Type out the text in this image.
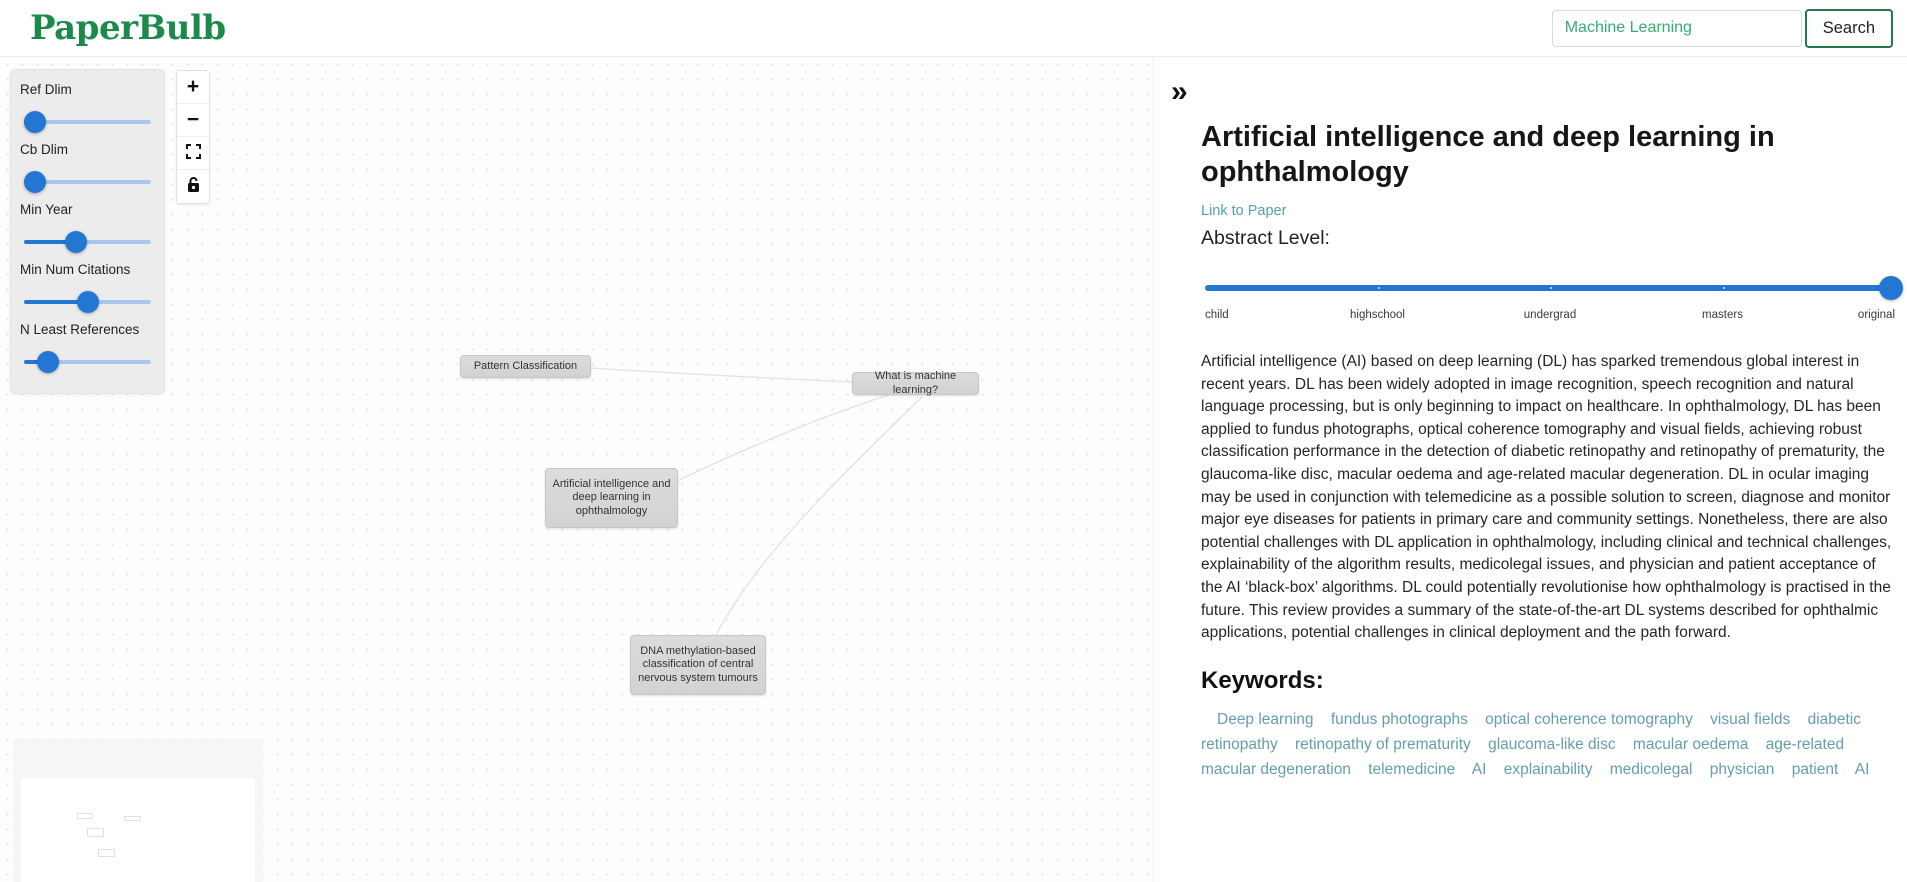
PaperBulb
Machine Learning	Search
Pattern Classification
What is machine learning?
Artificial intelligence and deep learning in ophthalmology
DNA methylation-based classification of central nervous system tumours
Ref Dlim
Cb Dlim
Min Year
Min Num Citations
N Least References
+
−
»
Artificial intelligence and deep learning in ophthalmology
Link to Paper
Abstract Level:
child	highschool	undergrad	masters	original

Artificial intelligence (AI) based on deep learning (DL) has sparked tremendous global interest in recent years. DL has been widely adopted in image recognition, speech recognition and natural language processing, but is only beginning to impact on healthcare. In ophthalmology, DL has been applied to fundus photographs, optical coherence tomography and visual fields, achieving robust classification performance in the detection of diabetic retinopathy and retinopathy of prematurity, the glaucoma-like disc, macular oedema and age-related macular degeneration. DL in ocular imaging may be used in conjunction with telemedicine as a possible solution to screen, diagnose and monitor major eye diseases for patients in primary care and community settings. Nonetheless, there are also potential challenges with DL application in ophthalmology, including clinical and technical challenges, explainability of the algorithm results, medicolegal issues, and physician and patient acceptance of the AI ‘black-box’ algorithms. DL could potentially revolutionise how ophthalmology is practised in the future. This review provides a summary of the state-of-the-art DL systems described for ophthalmic applications, potential challenges in clinical deployment and the path forward.

Keywords:
Deep learning fundus photographs optical coherence tomography visual fields diabetic retinopathy retinopathy of prematurity glaucoma-like disc macular oedema age-related macular degeneration telemedicine AI explainability medicolegal physician patient AI
